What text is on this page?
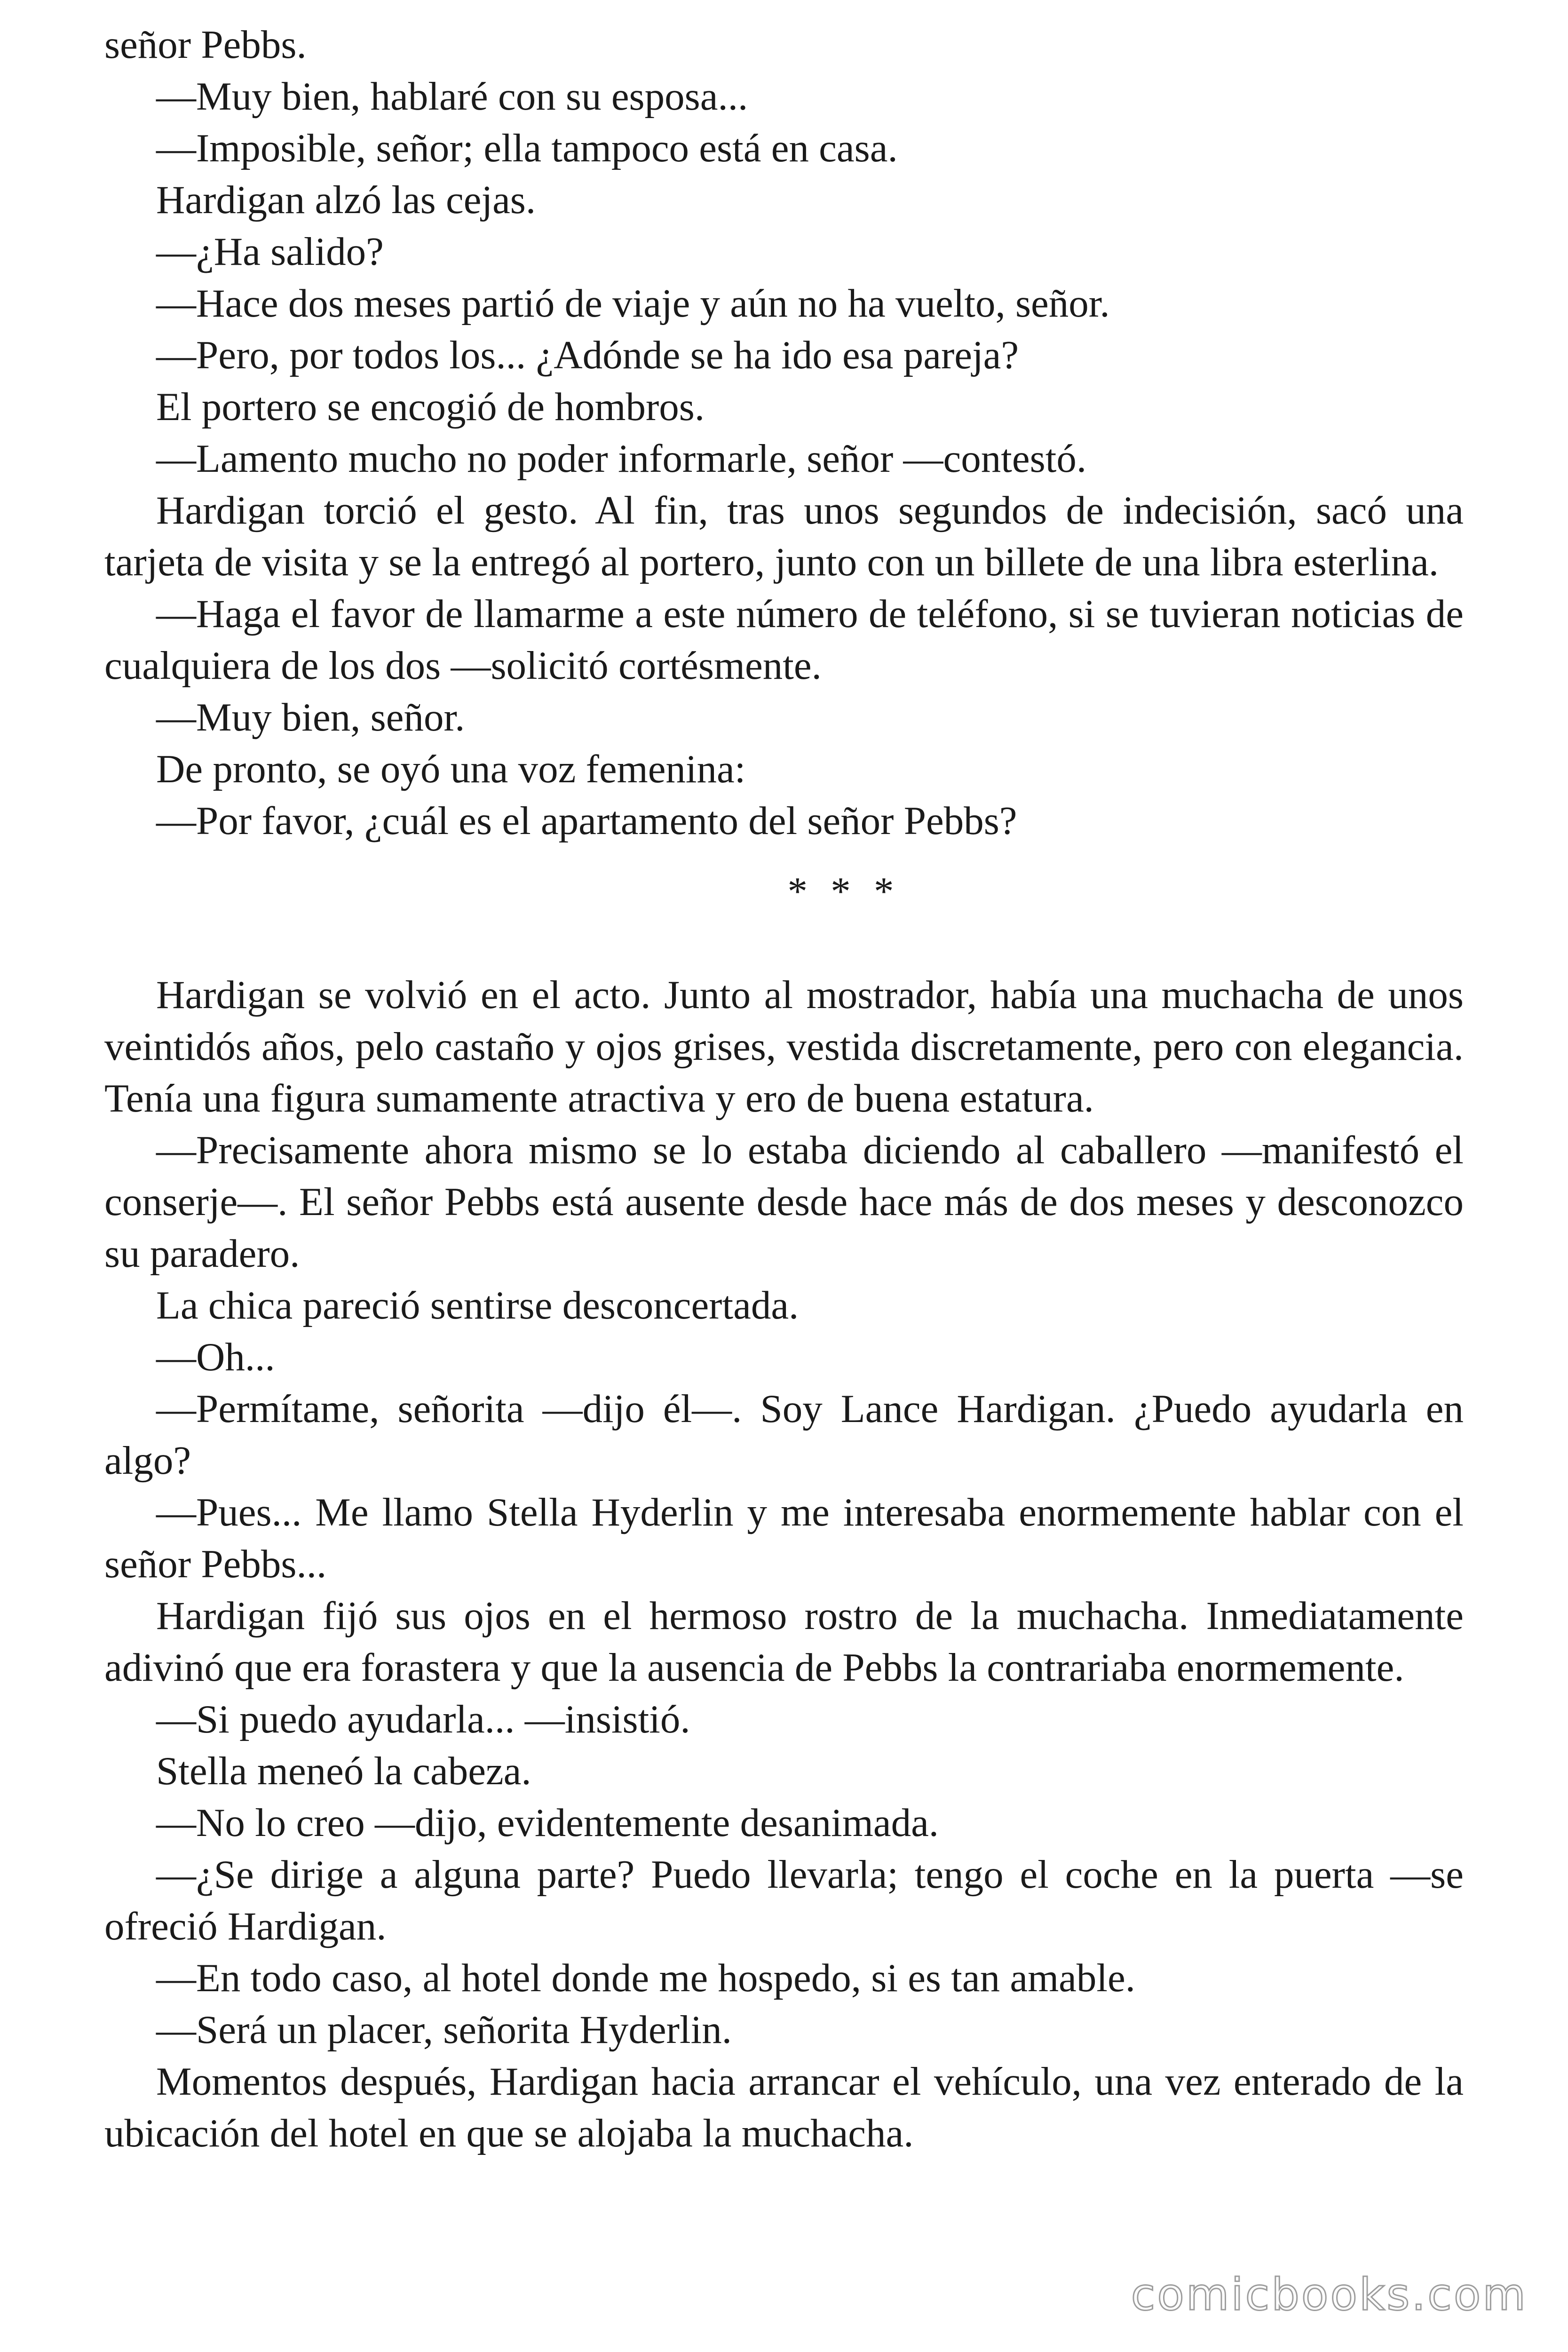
señor Pebbs.

—Muy bien, hablaré con su esposa...

—Imposible, señor; ella tampoco está en casa.

Hardigan alzó las cejas.

—¿Ha salido?

—Hace dos meses partió de viaje y aún no ha vuelto, señor.

—Pero, por todos los... ¿Adónde se ha ido esa pareja?

El portero se encogió de hombros.

—Lamento mucho no poder informarle, señor —contestó.

Hardigan torció el gesto. Al fin, tras unos segundos de indecisión, sacó una tarjeta de visita y se la entregó al portero, junto con un billete de una libra esterlina.

—Haga el favor de llamarme a este número de teléfono, si se tuvieran noticias de cualquiera de los dos —solicitó cortésmente.

—Muy bien, señor.

De pronto, se oyó una voz femenina:

—Por favor, ¿cuál es el apartamento del señor Pebbs?

* * *

Hardigan se volvió en el acto. Junto al mostrador, había una muchacha de unos veintidós años, pelo castaño y ojos grises, vestida discretamente, pero con elegancia. Tenía una figura sumamente atractiva y ero de buena estatura.

—Precisamente ahora mismo se lo estaba diciendo al caballero —manifestó el conserje—. El señor Pebbs está ausente desde hace más de dos meses y desconozco su paradero.

La chica pareció sentirse desconcertada.

—Oh...

—Permítame, señorita —dijo él—. Soy Lance Hardigan. ¿Puedo ayudarla en algo?

—Pues... Me llamo Stella Hyderlin y me interesaba enormemente hablar con el señor Pebbs...

Hardigan fijó sus ojos en el hermoso rostro de la muchacha. Inmediatamente adivinó que era forastera y que la ausencia de Pebbs la contrariaba enormemente.

—Si puedo ayudarla... —insistió.

Stella meneó la cabeza.

—No lo creo —dijo, evidentemente desanimada.

—¿Se dirige a alguna parte? Puedo llevarla; tengo el coche en la puerta —se ofreció Hardigan.

—En todo caso, al hotel donde me hospedo, si es tan amable.

—Será un placer, señorita Hyderlin.

Momentos después, Hardigan hacia arrancar el vehículo, una vez enterado de la ubicación del hotel en que se alojaba la muchacha.

comicbooks.com
